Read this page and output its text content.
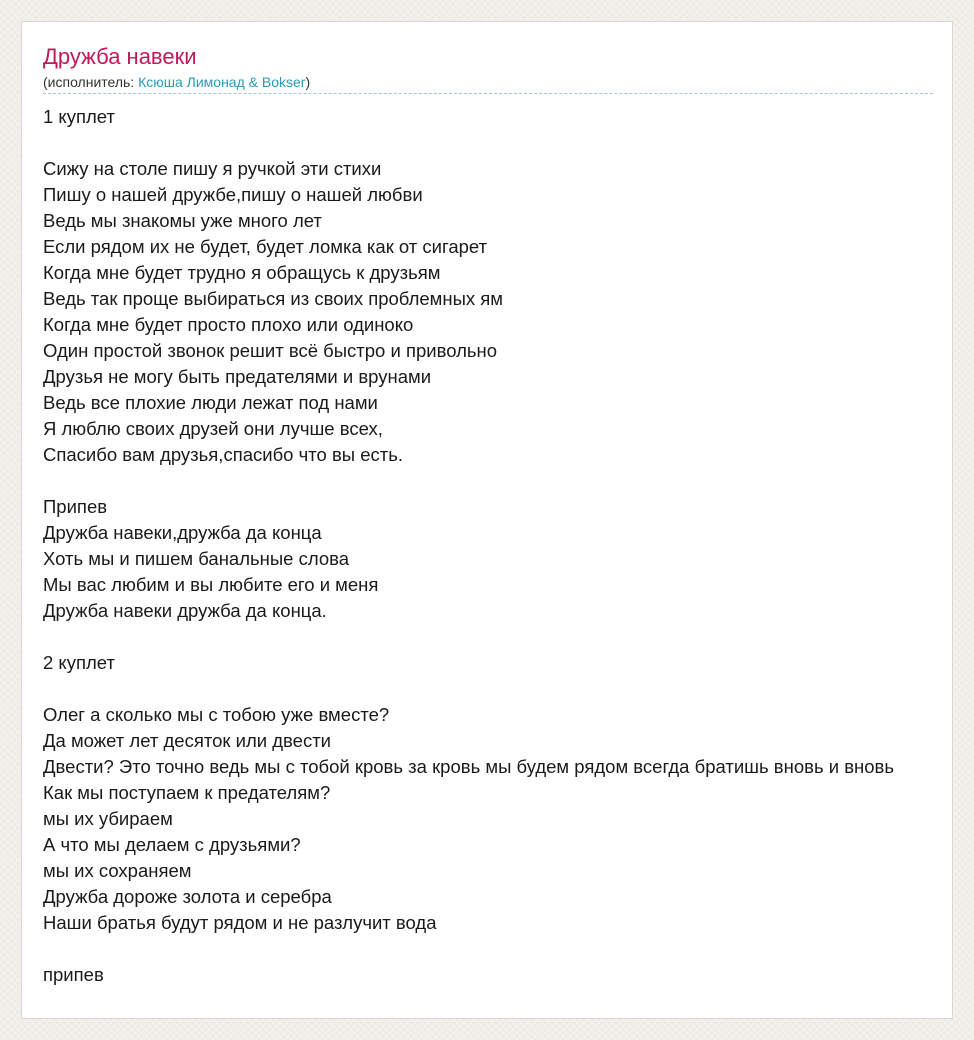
Дружба навеки
(исполнитель: Ксюша Лимонад & Bokser)
1 куплет

Сижу на столе пишу я ручкой эти стихи
Пишу о нашей дружбе,пишу о нашей любви
Ведь мы знакомы уже много лет
Если рядом их не будет, будет ломка как от сигарет
Когда мне будет трудно я обращусь к друзьям
Ведь так проще выбираться из своих проблемных ям
Когда мне будет просто плохо или одиноко
Один простой звонок решит всё быстро и привольно
Друзья не могу быть предателями и врунами
Ведь все плохие люди лежат под нами
Я люблю своих друзей они лучше всех,
Спасибо вам друзья,спасибо что вы есть.

Припев
Дружба навеки,дружба да конца
Хоть мы и пишем банальные слова
Мы вас любим и вы любите его и меня
Дружба навеки дружба да конца.

2 куплет

Олег а сколько мы с тобою уже вместе?
Да может лет десяток или двести
Двести? Это точно ведь мы с тобой кровь за кровь мы будем рядом всегда братишь вновь и вновь
Как мы поступаем к предателям?
мы их убираем
А что мы делаем с друзьями?
мы их сохраняем
Дружба дороже золота и серебра
Наши братья будут рядом и не разлучит вода

припев
